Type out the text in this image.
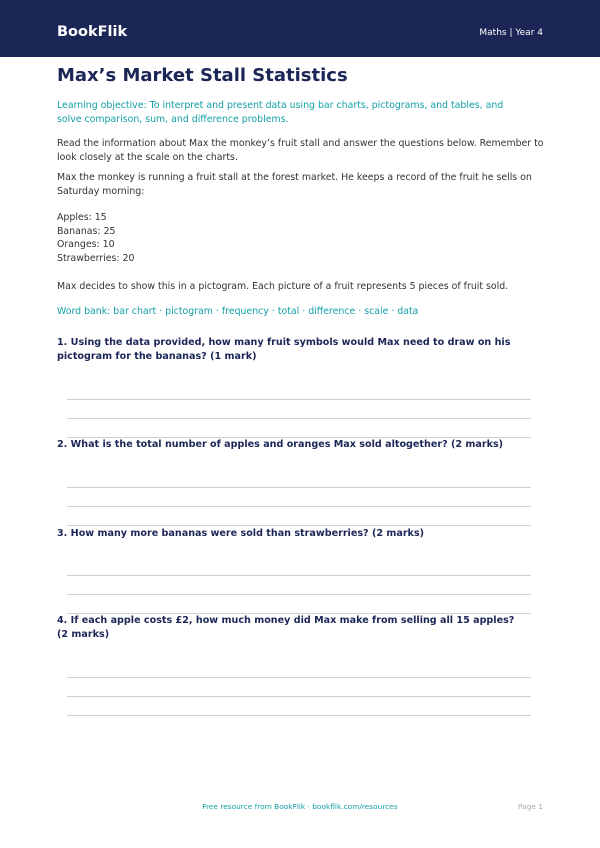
BookFlik	Maths | Year 4
Max’s Market Stall Statistics
Learning objective: To interpret and present data using bar charts, pictograms, and tables, and solve comparison, sum, and difference problems.

Read the information about Max the monkey’s fruit stall and answer the questions below. Remember to look closely at the scale on the charts.

Max the monkey is running a fruit stall at the forest market. He keeps a record of the fruit he sells on Saturday morning:

Apples: 15
Bananas: 25
Oranges: 10
Strawberries: 20

Max decides to show this in a pictogram. Each picture of a fruit represents 5 pieces of fruit sold.

Word bank: bar chart · pictogram · frequency · total · difference · scale · data

1. Using the data provided, how many fruit symbols would Max need to draw on his pictogram for the bananas? (1 mark)

2. What is the total number of apples and oranges Max sold altogether? (2 marks)

3. How many more bananas were sold than strawberries? (2 marks)

4. If each apple costs £2, how much money did Max make from selling all 15 apples? (2 marks)

Free resource from BookFlik · bookflik.com/resources	Page 1
